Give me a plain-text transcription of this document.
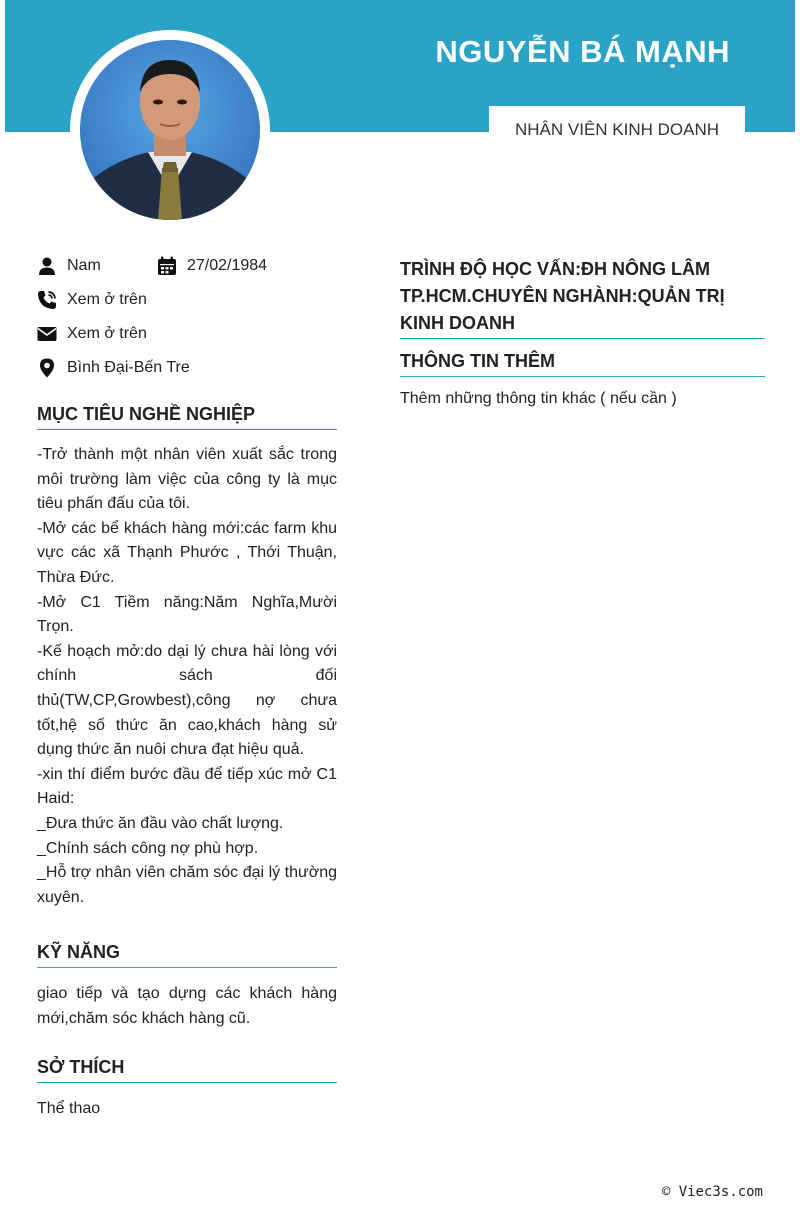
NGUYỄN BÁ MẠNH
NHÂN VIÊN KINH DOANH
Nam	27/02/1984
Xem ở trên
Xem ở trên
Bình Đại-Bến Tre
MỤC TIÊU NGHỀ NGHIỆP
-Trở thành một nhân viên xuất sắc trong môi trường làm việc của công ty là mục tiêu phấn đấu của tôi.
-Mở các bể khách hàng mới:các farm khu vực các xã Thạnh Phước , Thới Thuận, Thừa Đức.
-Mở C1 Tiềm năng:Năm Nghĩa,Mười Trọn.
-Kế hoạch mở:do dại lý chưa hài lòng với chính sách đối thủ(TW,CP,Growbest),công nợ chưa tốt,hệ số thức ăn cao,khách hàng sử dụng thức ăn nuôi chưa đạt hiệu quả.
-xin thí điểm bước đầu để tiếp xúc mở C1 Haid:
_Đưa thức ăn đầu vào chất lượng.
_Chính sách công nợ phù hợp.
_Hỗ trợ nhân viên chăm sóc đại lý thường xuyên.
KỸ NĂNG
giao tiếp và tạo dựng các khách hàng mới,chăm sóc khách hàng cũ.
SỞ THÍCH
Thể thao
TRÌNH ĐỘ HỌC VẤN:ĐH NÔNG LÂM TP.HCM.CHUYÊN NGHÀNH:QUẢN TRỊ KINH DOANH
THÔNG TIN THÊM
Thêm những thông tin khác ( nếu cần )
© Viec3s.com
